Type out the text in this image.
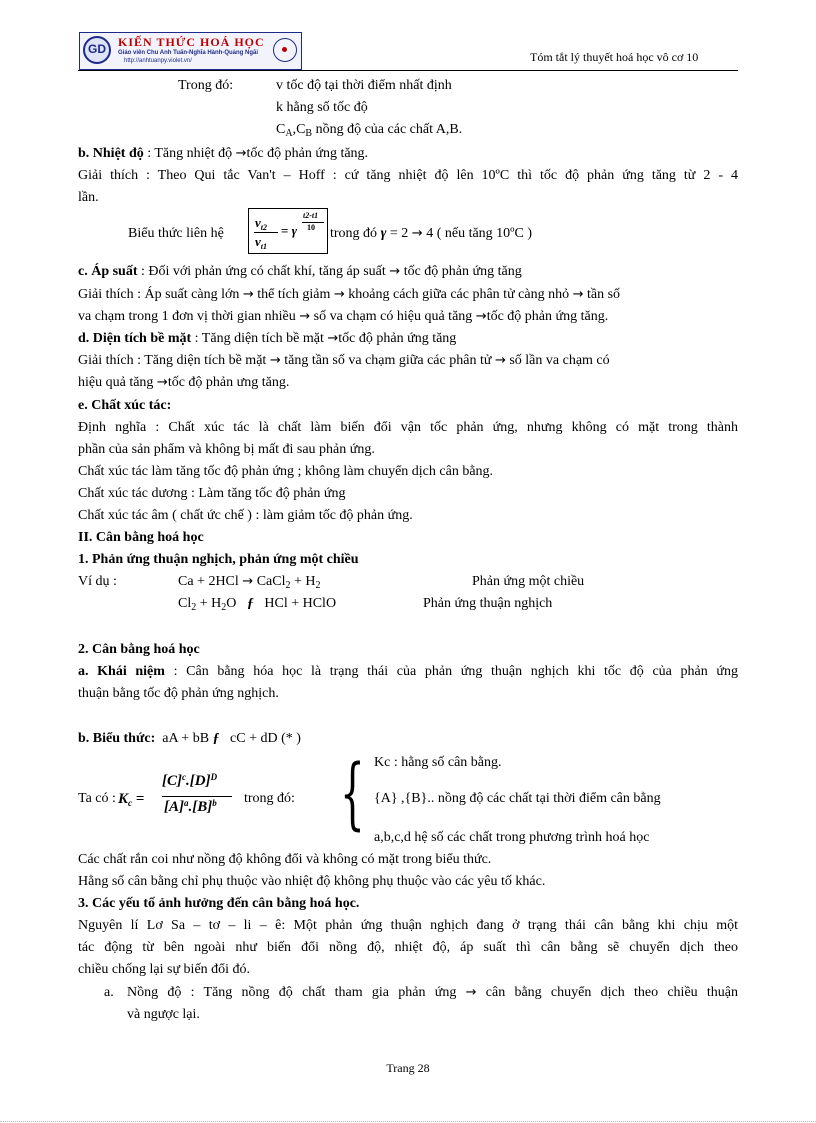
GD KIẾN THỨC HOÁ HỌC
Giáo viên Chu Anh Tuấn-Nghĩa Hành-Quảng Ngãi
http://anhtuanpy.violet.vn/	Tóm tắt lý thuyết hoá học vô cơ 10
Trong đó:	v tốc độ tại thời điểm nhất định
k hằng số tốc độ
$C_A,C_B$ nồng độ của các chất A,B.
b. Nhiệt độ : Tăng nhiệt độ →tốc độ phản ứng tăng.
Giải thích : Theo Qui tắc Van't – Hoff : cứ tăng nhiệt độ lên 10ºC thì tốc độ phản ứng tăng từ 2 - 4
lần.
Biểu thức liên hệ
$v_{t2}$
$v_{t1}$
= γ
t2-t1
10 trong đó γ = 2 → 4 ( nếu tăng 10ºC )
c. Áp suất : Đối với phản ứng có chất khí, tăng áp suất → tốc độ phản ứng tăng
Giải thích : Áp suất càng lớn → thể tích giảm → khoảng cách giữa các phân tử càng nhỏ → tần số
va chạm trong 1 đơn vị thời gian nhiều → số va chạm có hiệu quả tăng →tốc độ phản ứng tăng.
d. Diện tích bề mặt : Tăng diện tích bề mặt →tốc độ phản ứng tăng
Giải thích : Tăng diện tích bề mặt → tăng tần số va chạm giữa các phân tử → số lần va chạm có
hiệu quả tăng →tốc độ phản ưng tăng.
e. Chất xúc tác:
Định nghĩa : Chất xúc tác là chất làm biến đổi vận tốc phản ứng, nhưng không có mặt trong thành
phần của sản phẩm và không bị mất đi sau phản ứng.
Chất xúc tác làm tăng tốc độ phản ứng ; không làm chuyển dịch cân bằng.
Chất xúc tác dương : Làm tăng tốc độ phản ứng
Chất xúc tác âm ( chất ức chế ) : làm giảm tốc độ phản ứng.
II. Cân bằng hoá học
1. Phản ứng thuận nghịch, phản ứng một chiều
Ví dụ :	Ca + 2HCl → CaCl$_2$ + $H_2$	Phản ứng một chiều
$Cl_2 + H_2O$   ƒ   HCl + HClO	Phản ứng thuận nghịch
2. Cân bằng hoá học
a. Khái niệm : Cân bằng hóa học là trạng thái của phản ứng thuận nghịch khi tốc độ của phản ứng
thuận bằng tốc độ phản ứng nghịch.
b. Biểu thức: aA + bB ƒ cC + dD (* )
Ta có : $K_c$ =
$[C]^c.[D]^D$
$[A]^a.[B]^b$ trong đó: { Kc : hằng số cân bằng.
{A} ,{B}.. nồng độ các chất tại thời điểm cân bằng
a,b,c,d hệ số các chất trong phương trình hoá học
Các chất rắn coi như nồng độ không đổi và không có mặt trong biểu thức.
Hằng số cân bằng chỉ phụ thuộc vào nhiệt độ không phụ thuộc vào các yêu tố khác.
3. Các yếu tố ảnh hưởng đến cân bằng hoá học.
Nguyên lí Lơ Sa – tơ – li – ê: Một phản ứng thuận nghịch đang ở trạng thái cân bằng khi chịu một
tác động từ bên ngoài như biến đổi nồng độ, nhiệt độ, áp suất thì cân bằng sẽ chuyển dịch theo
chiều chống lại sự biến đổi đó.
a. Nồng độ : Tăng nồng độ chất tham gia phản ứng → cân bằng chuyển dịch theo chiều thuận
và ngược lại.
Trang 28
